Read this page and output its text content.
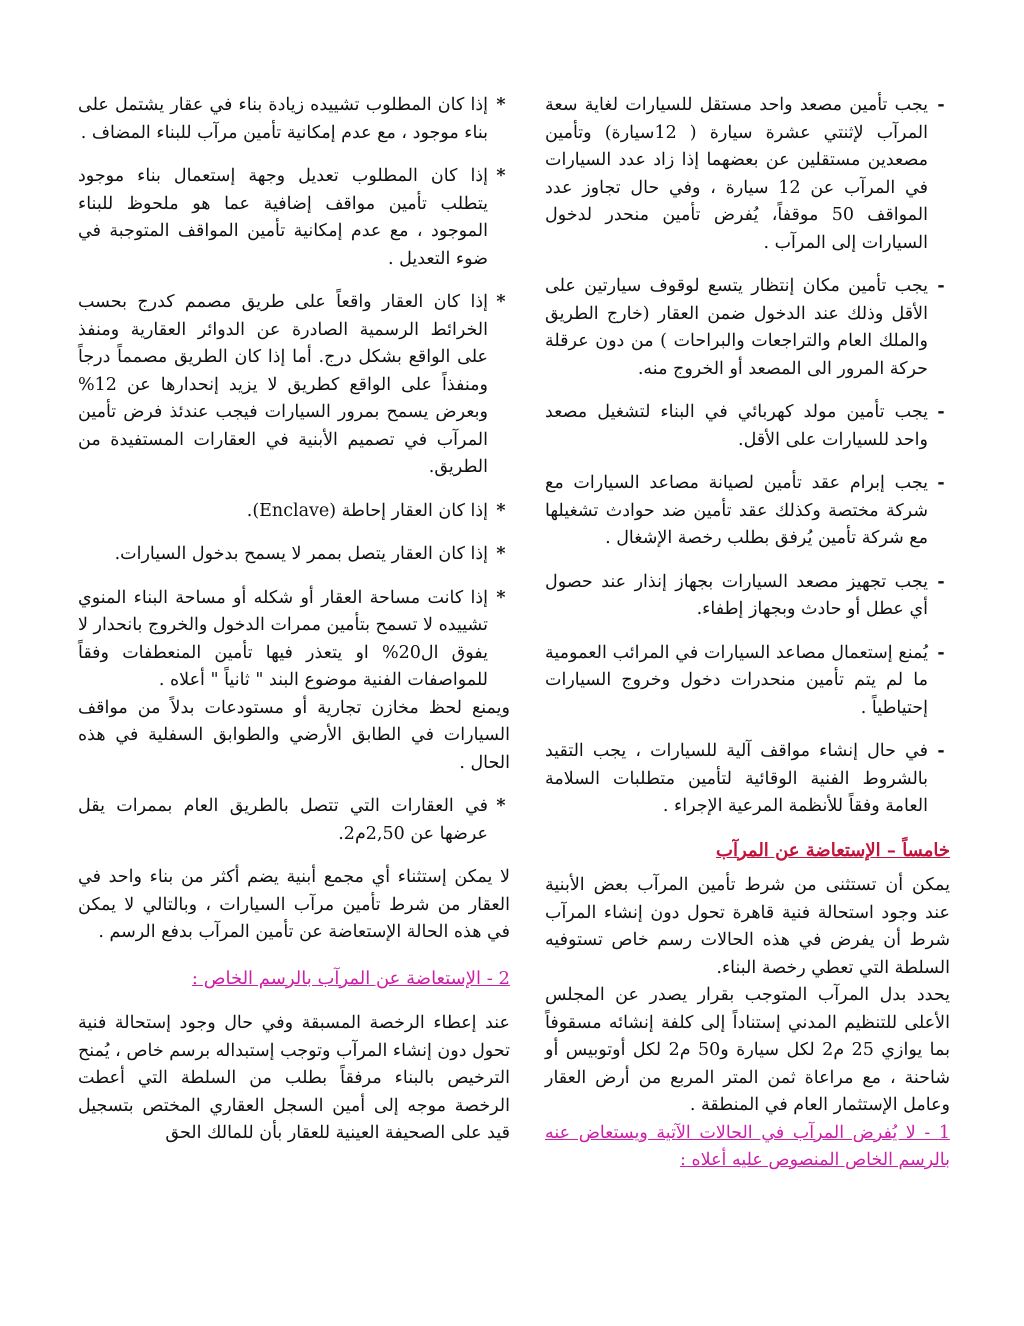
-
يجب تأمين مصعد واحد مستقل للسيارات لغاية سعة المرآب لإثنتي عشرة سيارة ( 12سيارة) وتأمين مصعدين مستقلين عن بعضهما إذا زاد عدد السيارات في المرآب عن 12 سيارة ، وفي حال تجاوز عدد المواقف 50 موقفاً، يُفرض تأمين منحدر لدخول السيارات إلى المرآب .
-
يجب تأمين مكان إنتظار يتسع لوقوف سيارتين على الأقل وذلك عند الدخول ضمن العقار (خارج الطريق والملك العام والتراجعات والبراحات ) من دون عرقلة حركة المرور الى المصعد أو الخروج منه.
-
يجب تأمين مولد كهربائي في البناء لتشغيل مصعد واحد للسيارات على الأقل.
-
يجب إبرام عقد تأمين لصيانة مصاعد السيارات مع شركة مختصة وكذلك عقد تأمين ضد حوادث تشغيلها مع شركة تأمين يُرفق بطلب رخصة الإشغال .
-
يجب تجهيز مصعد السيارات بجهاز إنذار عند حصول أي عطل أو حادث وبجهاز إطفاء.
-
يُمنع إستعمال مصاعد السيارات في المرائب العمومية ما لم يتم تأمين منحدرات دخول وخروج السيارات إحتياطياً .
-
في حال إنشاء مواقف آلية للسيارات ، يجب التقيد بالشروط الفنية الوقائية لتأمين متطلبات السلامة العامة وفقاً للأنظمة المرعية الإجراء .
خامساً – الإستعاضة عن المرآب
يمكن أن تستثنى من شرط تأمين المرآب بعض الأبنية عند وجود استحالة فنية قاهرة تحول دون إنشاء المرآب شرط أن يفرض في هذه الحالات رسم خاص تستوفيه السلطة التي تعطي رخصة البناء.
يحدد بدل المرآب المتوجب بقرار يصدر عن المجلس الأعلى للتنظيم المدني إستناداً إلى كلفة إنشائه مسقوفاً بما يوازي 25 م2 لكل سيارة و50 م2 لكل أوتوبيس أو شاحنة ، مع مراعاة ثمن المتر المربع من أرض العقار وعامل الإستثمار العام في المنطقة .
1 - لا يُفرض المرآب في الحالات الآتية ويستعاض عنه بالرسم الخاص المنصوص عليه أعلاه :
*
إذا كان المطلوب تشييده زيادة بناء في عقار يشتمل على بناء موجود ، مع عدم إمكانية تأمين مرآب للبناء المضاف .
*
إذا كان المطلوب تعديل وجهة إستعمال بناء موجود يتطلب تأمين مواقف إضافية عما هو ملحوظ للبناء الموجود ، مع عدم إمكانية تأمين المواقف المتوجبة في ضوء التعديل .
*
إذا كان العقار واقعاً على طريق مصمم كدرج بحسب الخرائط الرسمية الصادرة عن الدوائر العقارية ومنفذ على الواقع بشكل درج. أما إذا كان الطريق مصمماً درجاً ومنفذاً على الواقع كطريق لا يزيد إنحدارها عن 12% وبعرض يسمح بمرور السيارات فيجب عندئذ فرض تأمين المرآب في تصميم الأبنية في العقارات المستفيدة من الطريق.
*
إذا كان العقار إحاطة (Enclave).
*
إذا كان العقار يتصل بممر لا يسمح بدخول السيارات.
*
إذا كانت مساحة العقار أو شكله أو مساحة البناء المنوي تشييده لا تسمح بتأمين ممرات الدخول والخروج بانحدار لا يفوق ال20% او يتعذر فيها تأمين المنعطفات وفقاً للمواصفات الفنية موضوع البند " ثانياً " أعلاه .
ويمنع لحظ مخازن تجارية أو مستودعات بدلاً من مواقف السيارات في الطابق الأرضي والطوابق السفلية في هذه الحال .
*
في العقارات التي تتصل بالطريق العام بممرات يقل عرضها عن 2,50م2.
لا يمكن إستثناء أي مجمع أبنية يضم أكثر من بناء واحد في العقار من شرط تأمين مرآب السيارات ، وبالتالي لا يمكن في هذه الحالة الإستعاضة عن تأمين المرآب بدفع الرسم .
2 - الإستعاضة عن المرآب بالرسم الخاص :
عند إعطاء الرخصة المسبقة وفي حال وجود إستحالة فنية تحول دون إنشاء المرآب وتوجب إستبداله برسم خاص ، يُمنح الترخيص بالبناء مرفقاً بطلب من السلطة التي أعطت الرخصة موجه إلى أمين السجل العقاري المختص بتسجيل قيد على الصحيفة العينية للعقار بأن للمالك الحق
